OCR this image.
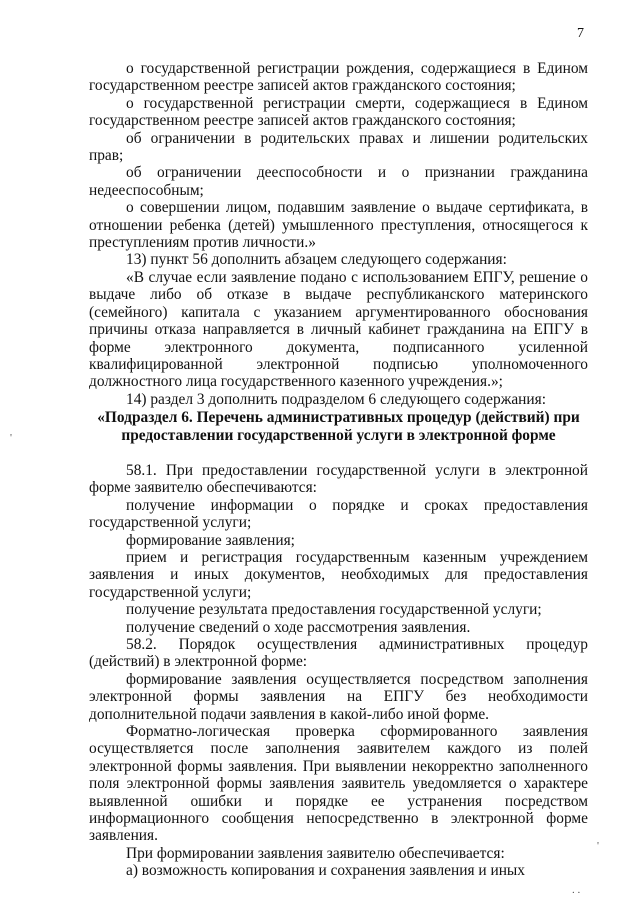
7

о государственной регистрации рождения, содержащиеся в Едином государственном реестре записей актов гражданского состояния;

о государственной регистрации смерти, содержащиеся в Едином государственном реестре записей актов гражданского состояния;

об ограничении в родительских правах и лишении родительских прав;

об ограничении дееспособности и о признании гражданина недееспособным;

о совершении лицом, подавшим заявление о выдаче сертификата, в отношении ребенка (детей) умышленного преступления, относящегося к преступлениям против личности.»

13) пункт 56 дополнить абзацем следующего содержания:

«В случае если заявление подано с использованием ЕПГУ, решение о выдаче либо об отказе в выдаче республиканского материнского (семейного) капитала с указанием аргументированного обоснования причины отказа направляется в личный кабинет гражданина на ЕПГУ в форме электронного документа, подписанного усиленной квалифицированной электронной подписью уполномоченного должностного лица государственного казенного учреждения.»;

14) раздел 3 дополнить подразделом 6 следующего содержания:

«Подраздел 6. Перечень административных процедур (действий) при предоставлении государственной услуги в электронной форме

58.1. При предоставлении государственной услуги в электронной форме заявителю обеспечиваются:

получение информации о порядке и сроках предоставления государственной услуги;

формирование заявления;

прием и регистрация государственным казенным учреждением заявления и иных документов, необходимых для предоставления государственной услуги;

получение результата предоставления государственной услуги;

получение сведений о ходе рассмотрения заявления.

58.2. Порядок осуществления административных процедур (действий) в электронной форме:

формирование заявления осуществляется посредством заполнения электронной формы заявления на ЕПГУ без необходимости дополнительной подачи заявления в какой-либо иной форме.

Форматно-логическая проверка сформированного заявления осуществляется после заполнения заявителем каждого из полей электронной формы заявления. При выявлении некорректно заполненного поля электронной формы заявления заявитель уведомляется о характере выявленной ошибки и порядке ее устранения посредством информационного сообщения непосредственно в электронной форме заявления.

При формировании заявления заявителю обеспечивается:

а) возможность копирования и сохранения заявления и иных

'
'
. .
